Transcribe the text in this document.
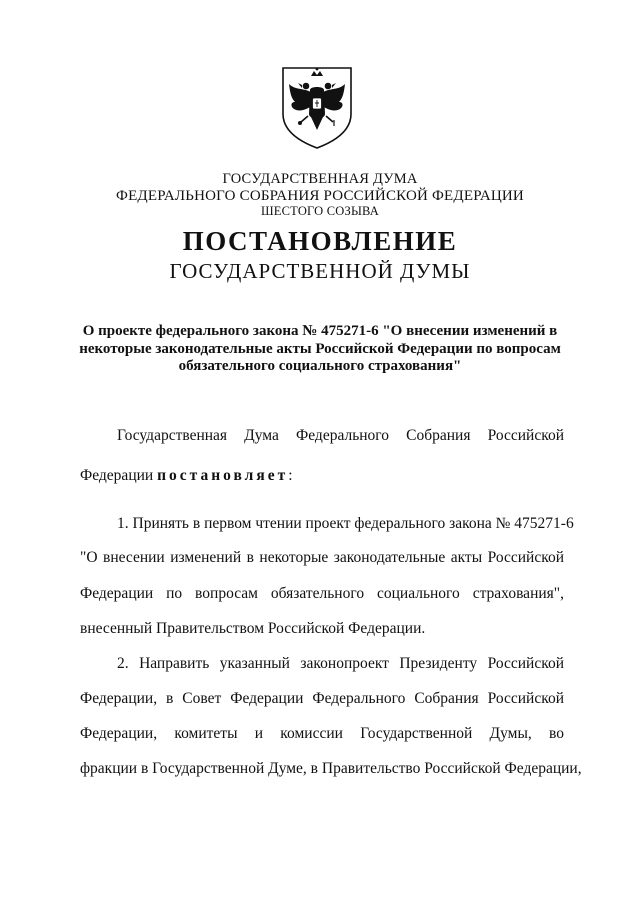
ГОСУДАРСТВЕННАЯ ДУМА
ФЕДЕРАЛЬНОГО СОБРАНИЯ РОССИЙСКОЙ ФЕДЕРАЦИИ
ШЕСТОГО СОЗЫВА
ПОСТАНОВЛЕНИЕ
ГОСУДАРСТВЕННОЙ ДУМЫ
О проекте федерального закона № 475271-6 "О внесении изменений в
некоторые законодательные акты Российской Федерации по вопросам
обязательного социального страхования"
Государственная Дума Федерального Собрания Российской
Федерации постановляет:
1. Принять в первом чтении проект федерального закона № 475271-6
"О внесении изменений в некоторые законодательные акты Российской
Федерации по вопросам обязательного социального страхования",
внесенный Правительством Российской Федерации.
2. Направить указанный законопроект Президенту Российской
Федерации, в Совет Федерации Федерального Собрания Российской
Федерации, комитеты и комиссии Государственной Думы, во
фракции в Государственной Думе, в Правительство Российской Федерации,
